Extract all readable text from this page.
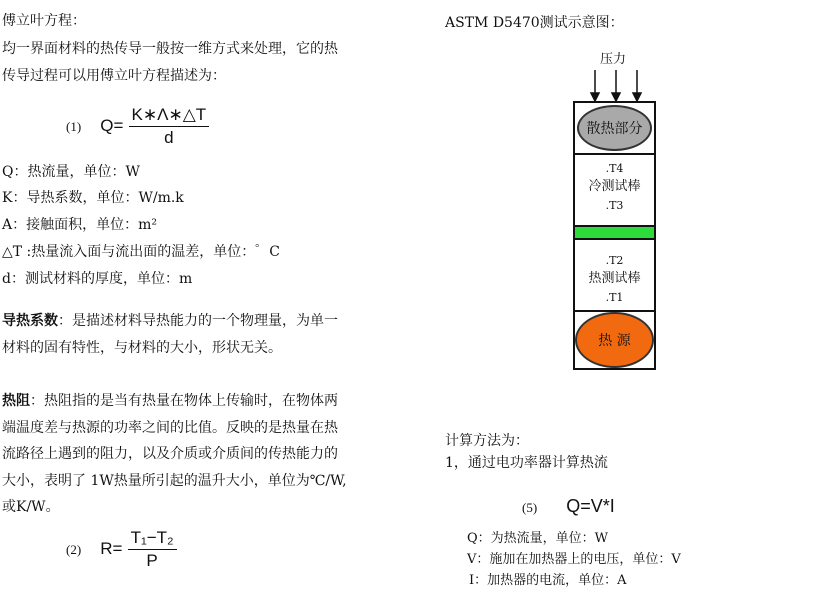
傅立叶方程：
均一界面材料的热传导一般按一维方式来处理，它的热
传导过程可以用傅立叶方程描述为：
(1) $Q= \frac{K∗\Lambda∗\triangle T}{d}$
Q：热流量，单位：W
K：导热系数，单位：W/m.k
A：接触面积，单位：m²
△T :热量流入面与流出面的温差，单位：゜C
d：测试材料的厚度，单位：m
导热系数：是描述材料导热能力的一个物理量，为单一
材料的固有特性，与材料的大小，形状无关。
热阻：热阻指的是当有热量在物体上传输时，在物体两
端温度差与热源的功率之间的比值。反映的是热量在热
流路径上遇到的阻力，以及介质或介质间的传热能力的
大小，表明了 1W热量所引起的温升大小，单位为℃/W,
或K/W。
(2) $R= \frac{\text{T₁−T₂}}{P}$
ASTM D5470测试示意图：
压力
散热部分
.T4
冷测试棒
.T3
.T2
热测试棒
.T1
热 源
计算方法为：
1，通过电功率器计算热流
(5) Q=V*I
Q：为热流量，单位：W
V：施加在加热器上的电压，单位：V
I：加热器的电流，单位：A
